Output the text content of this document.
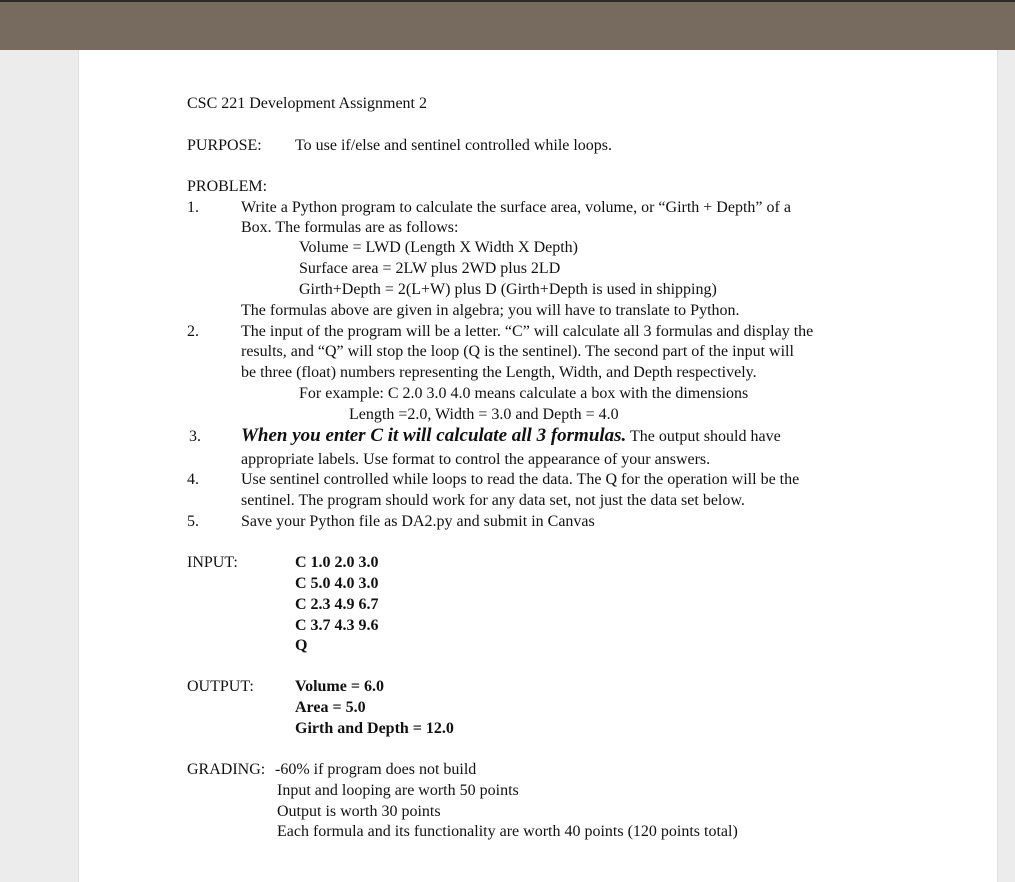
CSC 221 Development Assignment 2
PURPOSE: To use if/else and sentinel controlled while loops.
PROBLEM:
1.	Write a Python program to calculate the surface area, volume, or “Girth + Depth” of a
Box. The formulas are as follows:
Volume = LWD (Length X Width X Depth)
Surface area = 2LW plus 2WD plus 2LD
Girth+Depth = 2(L+W) plus D (Girth+Depth is used in shipping)
The formulas above are given in algebra; you will have to translate to Python.
2.	The input of the program will be a letter. “C” will calculate all 3 formulas and display the
results, and “Q” will stop the loop (Q is the sentinel). The second part of the input will
be three (float) numbers representing the Length, Width, and Depth respectively.
For example: C 2.0 3.0 4.0 means calculate a box with the dimensions
Length =2.0, Width = 3.0 and Depth = 4.0
3. When you enter C it will calculate all 3 formulas. The output should have
appropriate labels. Use format to control the appearance of your answers.
4.	Use sentinel controlled while loops to read the data. The Q for the operation will be the
sentinel. The program should work for any data set, not just the data set below.
5.	Save your Python file as DA2.py and submit in Canvas
INPUT:	C 1.0 2.0 3.0
C 5.0 4.0 3.0
C 2.3 4.9 6.7
C 3.7 4.3 9.6
Q
OUTPUT:	Volume = 6.0
Area = 5.0
Girth and Depth = 12.0
GRADING: -60% if program does not build
Input and looping are worth 50 points
Output is worth 30 points
Each formula and its functionality are worth 40 points (120 points total)
